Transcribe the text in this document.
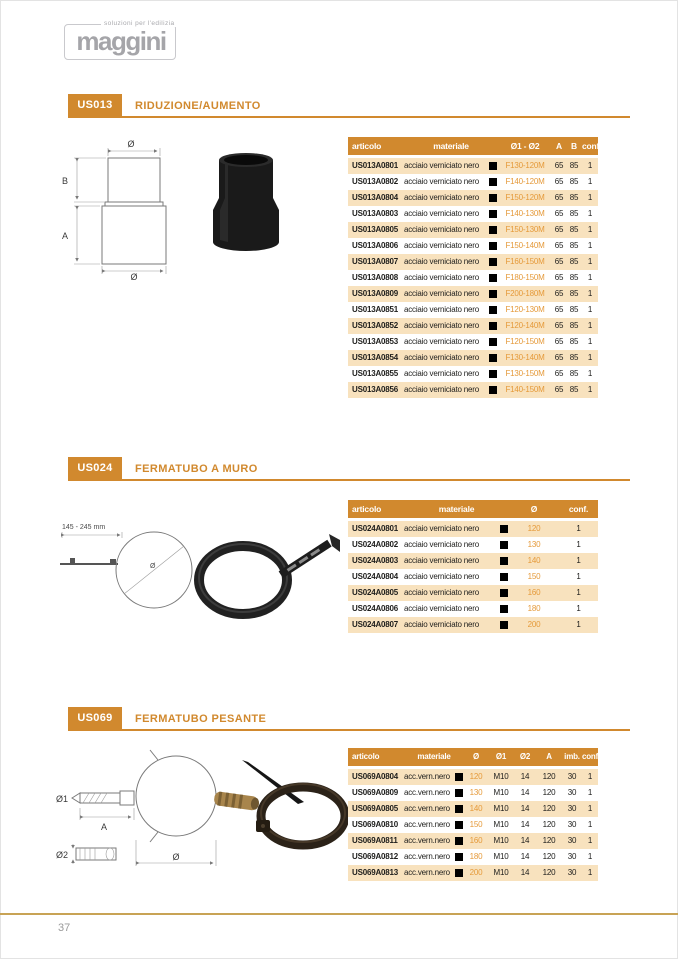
soluzioni per l'edilizia
maggini
US013	RIDUZIONE/AUMENTO
Ø
Ø
B
A
articolo	materiale	Ø1 - Ø2	A	B conf.
US013A0801 acciaio verniciato nero	F130-120M	65 85	1
US013A0802 acciaio verniciato nero	F140-120M	65 85	1
US013A0804 acciaio verniciato nero	F150-120M	65 85	1
US013A0803 acciaio verniciato nero	F140-130M	65 85	1
US013A0805 acciaio verniciato nero	F150-130M	65 85	1
US013A0806 acciaio verniciato nero	F150-140M	65 85	1
US013A0807 acciaio verniciato nero	F160-150M	65 85	1
US013A0808 acciaio verniciato nero	F180-150M	65 85	1
US013A0809 acciaio verniciato nero	F200-180M	65 85	1
US013A0851 acciaio verniciato nero	F120-130M	65 85	1
US013A0852 acciaio verniciato nero	F120-140M	65 85	1
US013A0853 acciaio verniciato nero	F120-150M	65 85	1
US013A0854 acciaio verniciato nero	F130-140M	65 85	1
US013A0855 acciaio verniciato nero	F130-150M	65 85	1
US013A0856 acciaio verniciato nero	F140-150M	65 85	1
US024	FERMATUBO A MURO
145 - 245 mm
Ø
articolo	materiale	Ø	conf.
US024A0801 acciaio verniciato nero	120	1
US024A0802 acciaio verniciato nero	130	1
US024A0803 acciaio verniciato nero	140	1
US024A0804 acciaio verniciato nero	150	1
US024A0805 acciaio verniciato nero	160	1
US024A0806 acciaio verniciato nero	180	1
US024A0807 acciaio verniciato nero	200	1
US069	FERMATUBO PESANTE
Ø1
A
Ø2	Ø
articolo	materiale	Ø	Ø1	Ø2	A	imb. conf.
US069A0804 acc.vern.nero	120	M10	14	120	30	1
US069A0809 acc.vern.nero	130	M10	14	120	30	1
US069A0805 acc.vern.nero	140	M10	14	120	30	1
US069A0810 acc.vern.nero	150	M10	14	120	30	1
US069A0811 acc.vern.nero	160	M10	14	120	30	1
US069A0812 acc.vern.nero	180	M10	14	120	30	1
US069A0813 acc.vern.nero	200	M10	14	120	30	1
37
